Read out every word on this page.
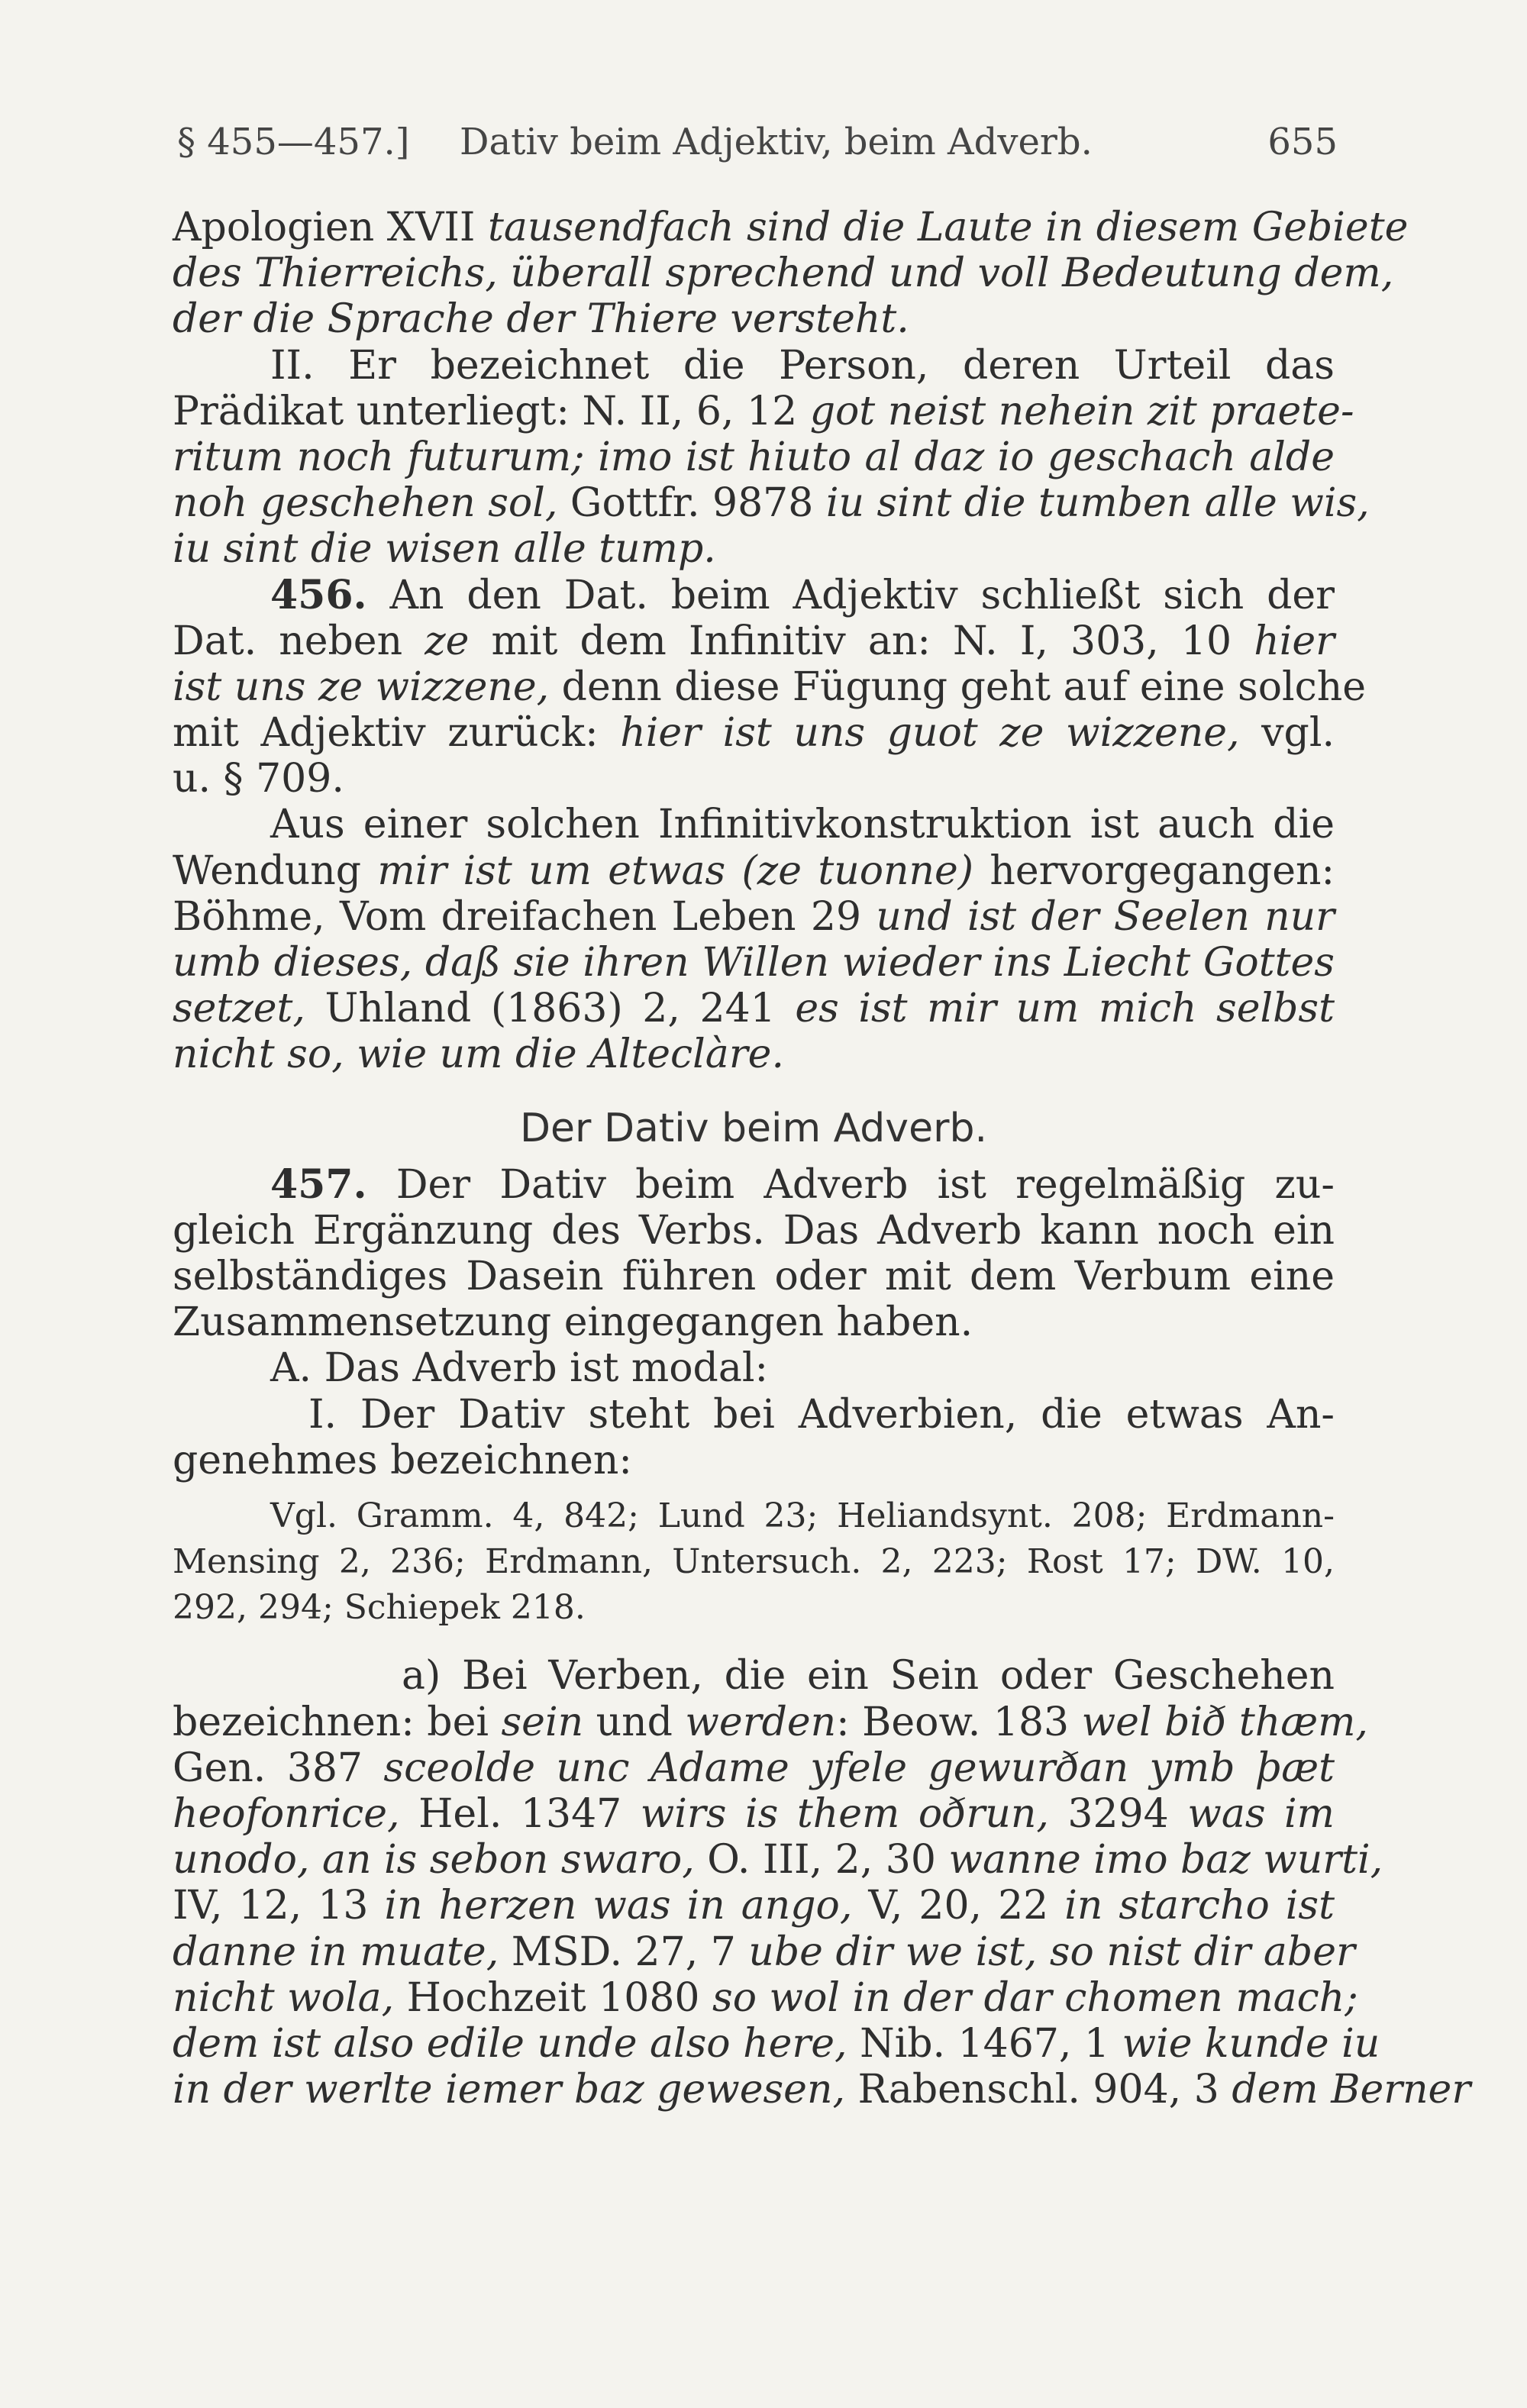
§ 455—457.] Dativ beim Adjektiv, beim Adverb.	655
Apologien XVII tausendfach sind die Laute in diesem Gebiete
des Thierreichs, überall sprechend und voll Bedeutung dem,
der die Sprache der Thiere versteht.
II. Er bezeichnet die Person, deren Urteil das
Prädikat unterliegt: N. II, 6, 12 got neist nehein zit praete-
ritum noch futurum; imo ist hiuto al daz io geschach alde
noh geschehen sol, Gottfr. 9878 iu sint die tumben alle wis,
iu sint die wisen alle tump.
456. An den Dat. beim Adjektiv schließt sich der
Dat. neben ze mit dem Infinitiv an: N. I, 303, 10 hier
ist uns ze wizzene, denn diese Fügung geht auf eine solche
mit Adjektiv zurück: hier ist uns guot ze wizzene, vgl.
u. § 709.
Aus einer solchen Infinitivkonstruktion ist auch die
Wendung mir ist um etwas (ze tuonne) hervorgegangen:
Böhme, Vom dreifachen Leben 29 und ist der Seelen nur
umb dieses, daß sie ihren Willen wieder ins Liecht Gottes
setzet, Uhland (1863) 2, 241 es ist mir um mich selbst
nicht so, wie um die Alteclàre.
Der Dativ beim Adverb.
457. Der Dativ beim Adverb ist regelmäßig zu-
gleich Ergänzung des Verbs. Das Adverb kann noch ein
selbständiges Dasein führen oder mit dem Verbum eine
Zusammensetzung eingegangen haben.
A. Das Adverb ist modal:
I. Der Dativ steht bei Adverbien, die etwas An-
genehmes bezeichnen:
Vgl. Gramm. 4, 842; Lund 23; Heliandsynt. 208; Erdmann-
Mensing 2, 236; Erdmann, Untersuch. 2, 223; Rost 17; DW. 10,
292, 294; Schiepek 218.
a) Bei Verben, die ein Sein oder Geschehen
bezeichnen: bei sein und werden: Beow. 183 wel bið thæm,
Gen. 387 sceolde unc Adame yfele gewurðan ymb þæt
heofonrice, Hel. 1347 wirs is them oðrun, 3294 was im
unodo, an is sebon swaro, O. III, 2, 30 wanne imo baz wurti,
IV, 12, 13 in herzen was in ango, V, 20, 22 in starcho ist
danne in muate, MSD. 27, 7 ube dir we ist, so nist dir aber
nicht wola, Hochzeit 1080 so wol in der dar chomen mach;
dem ist also edile unde also here, Nib. 1467, 1 wie kunde iu
in der werlte iemer baz gewesen, Rabenschl. 904, 3 dem Berner
